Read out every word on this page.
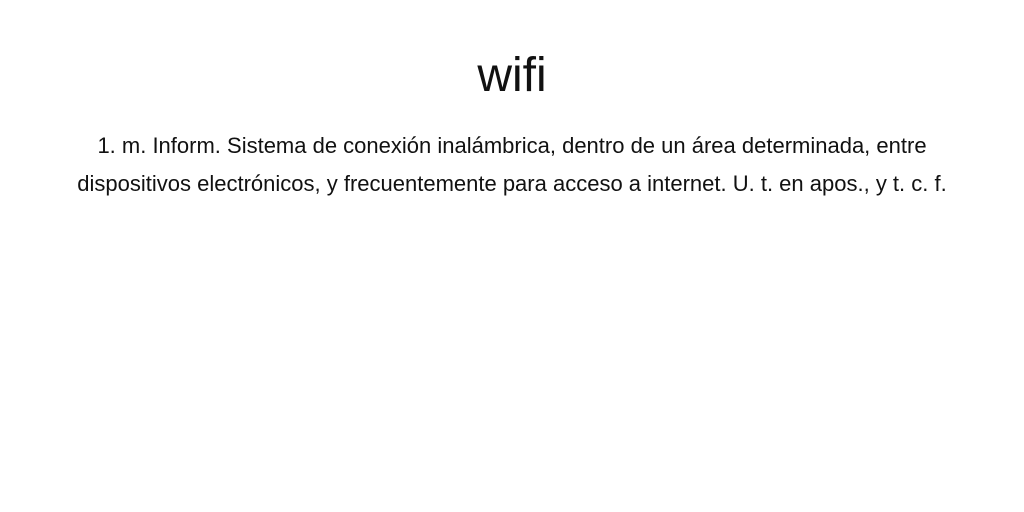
wifi

1. m. Inform. Sistema de conexión inalámbrica, dentro de un área determinada, entre dispositivos electrónicos, y frecuentemente para acceso a internet. U. t. en apos., y t. c. f.
